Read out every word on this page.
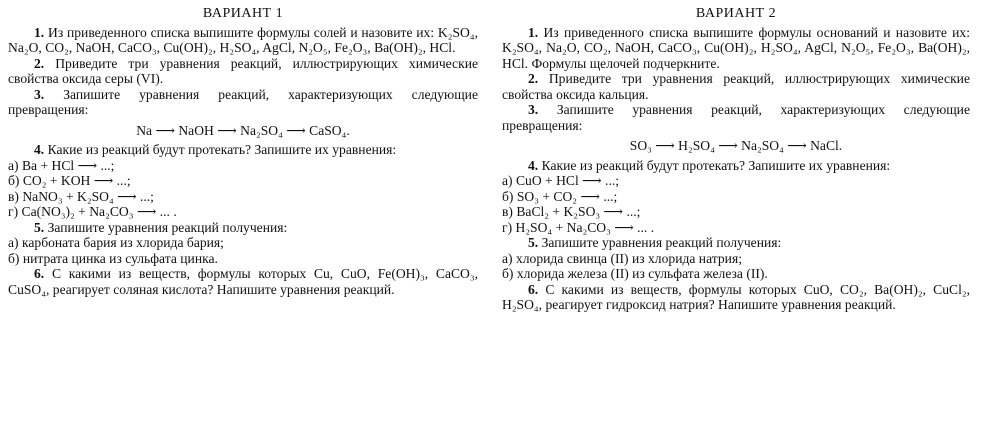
ВАРИАНТ 1

1. Из приведенного списка выпишите формулы солей и назовите их: K₂SO₄, Na₂O, CO₂, NaOH, CaCO₃, Cu(OH)₂, H₂SO₄, AgCl, N₂O₅, Fe₂O₃, Ba(OH)₂, HCl.

2. Приведите три уравнения реакций, иллюстрирующих химические свойства оксида серы (VI).

3. Запишите уравнения реакций, характеризующих следующие превращения:

Na ⟶ NaOH ⟶ Na₂SO₄ ⟶ CaSO₄.

4. Какие из реакций будут протекать? Запишите их уравнения:

а) Ba + HCl ⟶ ...;
б) CO₂ + KOH ⟶ ...;
в) NaNO₃ + K₂SO₄ ⟶ ...;
г) Ca(NO₃)₂ + Na₂CO₃ ⟶ ... .

5. Запишите уравнения реакций получения:

а) карбоната бария из хлорида бария;
б) нитрата цинка из сульфата цинка.

6. С какими из веществ, формулы которых Cu, CuO, Fe(OH)₃, CaCO₃, CuSO₄, реагирует соляная кислота? Напишите уравнения реакций.

ВАРИАНТ 2

1. Из приведенного списка выпишите формулы оснований и назовите их: K₂SO₄, Na₂O, CO₂, NaOH, CaCO₃, Cu(OH)₂, H₂SO₄, AgCl, N₂O₅, Fe₂O₃, Ba(OH)₂, HCl. Формулы щелочей подчеркните.

2. Приведите три уравнения реакций, иллюстрирующих химические свойства оксида кальция.

3. Запишите уравнения реакций, характеризующих следующие превращения:

SO₃ ⟶ H₂SO₄ ⟶ Na₂SO₄ ⟶ NaCl.

4. Какие из реакций будут протекать? Запишите их уравнения:

а) CuO + HCl ⟶ ...;
б) SO₃ + CO₂ ⟶ ...;
в) BaCl₂ + K₂SO₃ ⟶ ...;
г) H₂SO₄ + Na₂CO₃ ⟶ ... .

5. Запишите уравнения реакций получения:

а) хлорида свинца (II) из хлорида натрия;
б) хлорида железа (II) из сульфата железа (II).

6. С какими из веществ, формулы которых CuO, CO₂, Ba(OH)₂, CuCl₂, H₂SO₄, реагирует гидроксид натрия? Напишите уравнения реакций.
